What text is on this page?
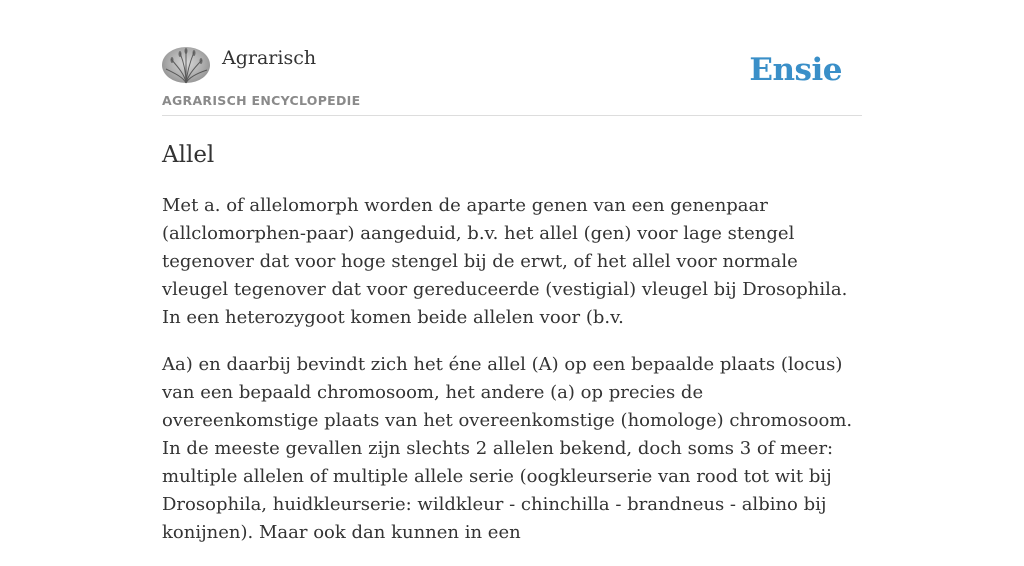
Agrarisch
AGRARISCH ENCYCLOPEDIE
Ensie
Allel

Met a. of allelomorph worden de aparte genen van een genenpaar (allclomorphen-paar) aangeduid, b.v. het allel (gen) voor lage stengel tegenover dat voor hoge stengel bij de erwt, of het allel voor normale vleugel tegenover dat voor gereduceerde (vestigial) vleugel bij Drosophila. In een heterozygoot komen beide allelen voor (b.v.

Aa) en daarbij bevindt zich het éne allel (A) op een bepaalde plaats (locus) van een bepaald chromosoom, het andere (a) op precies de overeenkomstige plaats van het overeenkomstige (homologe) chromosoom. In de meeste gevallen zijn slechts 2 allelen bekend, doch soms 3 of meer: multiple allelen of multiple allele serie (oogkleurserie van rood tot wit bij Drosophila, huidkleurserie: wildkleur - chinchilla - brandneus - albino bij konijnen). Maar ook dan kunnen in een
